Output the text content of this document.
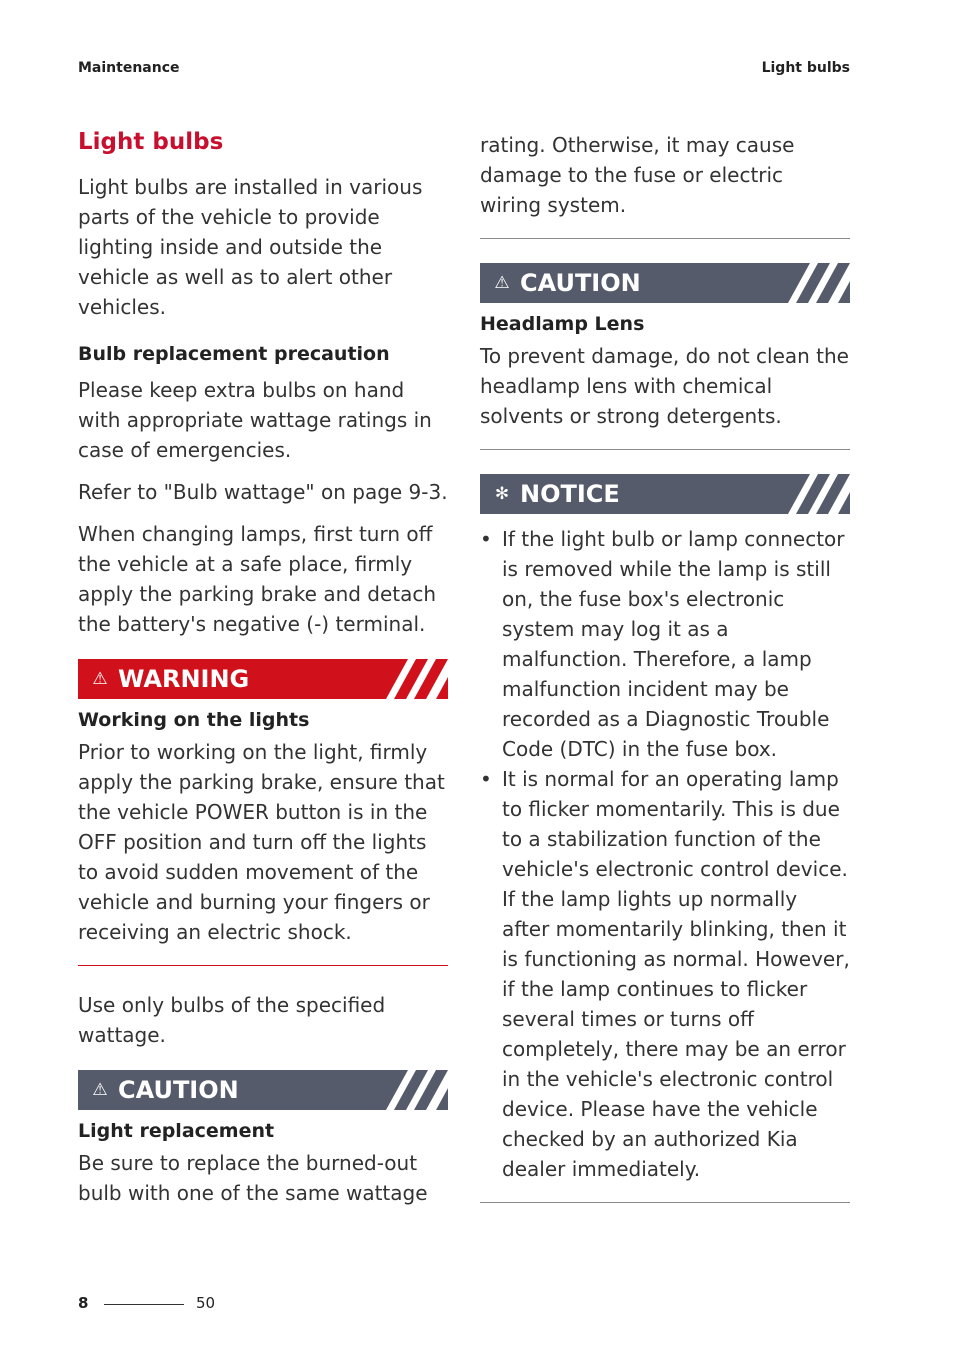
Maintenance	Light bulbs
Light bulbs

Light bulbs are installed in various parts of the vehicle to provide lighting inside and outside the vehicle as well as to alert other vehicles.

Bulb replacement precaution

Please keep extra bulbs on hand with appropriate wattage ratings in case of emergencies.

Refer to "Bulb wattage" on page 9-3.

When changing lamps, first turn off the vehicle at a safe place, firmly apply the parking brake and detach the battery's negative (-) terminal.

⚠ WARNING
Working on the lights

Prior to working on the light, firmly apply the parking brake, ensure that the vehicle POWER button is in the OFF position and turn off the lights to avoid sudden movement of the vehicle and burning your fingers or receiving an electric shock.

Use only bulbs of the specified wattage.

⚠ CAUTION
Light replacement

Be sure to replace the burned-out bulb with one of the same wattage

rating. Otherwise, it may cause damage to the fuse or electric wiring system.

⚠ CAUTION
Headlamp Lens

To prevent damage, do not clean the headlamp lens with chemical solvents or strong detergents.

✻ NOTICE
• If the light bulb or lamp connector is removed while the lamp is still on, the fuse box's electronic system may log it as a malfunction. Therefore, a lamp malfunction incident may be recorded as a Diagnostic Trouble Code (DTC) in the fuse box.
• It is normal for an operating lamp to flicker momentarily. This is due to a stabilization function of the vehicle's electronic control device. If the lamp lights up normally after momentarily blinking, then it is functioning as normal. However, if the lamp continues to flicker several times or turns off completely, there may be an error in the vehicle's electronic control device. Please have the vehicle checked by an authorized Kia dealer immediately.
8	50
